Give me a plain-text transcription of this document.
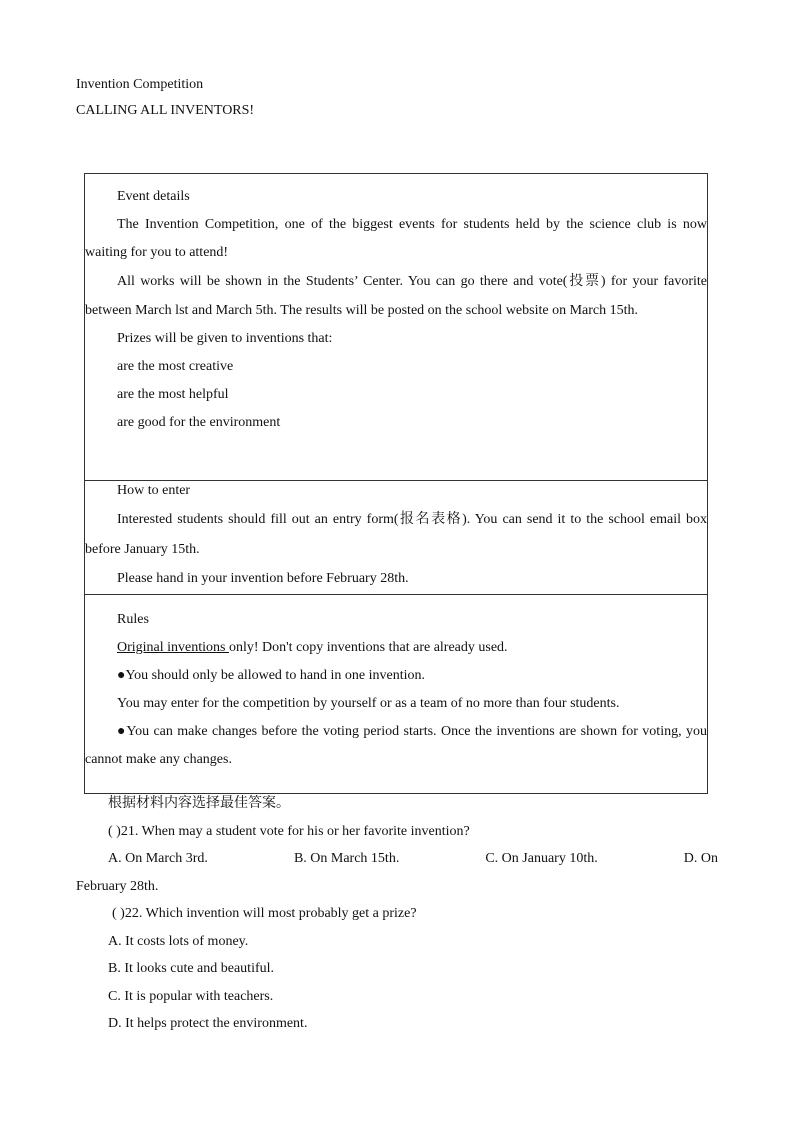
Invention Competition
CALLING ALL INVENTORS!

Event details

The Invention Competition, one of the biggest events for students held by the science club is now waiting for you to attend!

All works will be shown in the Students’ Center. You can go there and vote(投票) for your favorite between March lst and March 5th. The results will be posted on the school website on March 15th.

Prizes will be given to inventions that:

are the most creative

are the most helpful

are good for the environment

How to enter

Interested students should fill out an entry form(报名表格). You can send it to the school email box before January 15th.

Please hand in your invention before February 28th.

Rules

Original inventions only! Don't copy inventions that are already used.

●You should only be allowed to hand in one invention.

You may enter for the competition by yourself or as a team of no more than four students.

●You can make changes before the voting period starts. Once the inventions are shown for voting, you cannot make any changes.

根据材料内容选择最佳答案。

( )21. When may a student vote for his or her favorite invention?

A. On March 3rd.	B. On March 15th.	C. On January 10th.	D. On

February 28th.

( )22. Which invention will most probably get a prize?

A. It costs lots of money.

B. It looks cute and beautiful.

C. It is popular with teachers.

D. It helps protect the environment.
